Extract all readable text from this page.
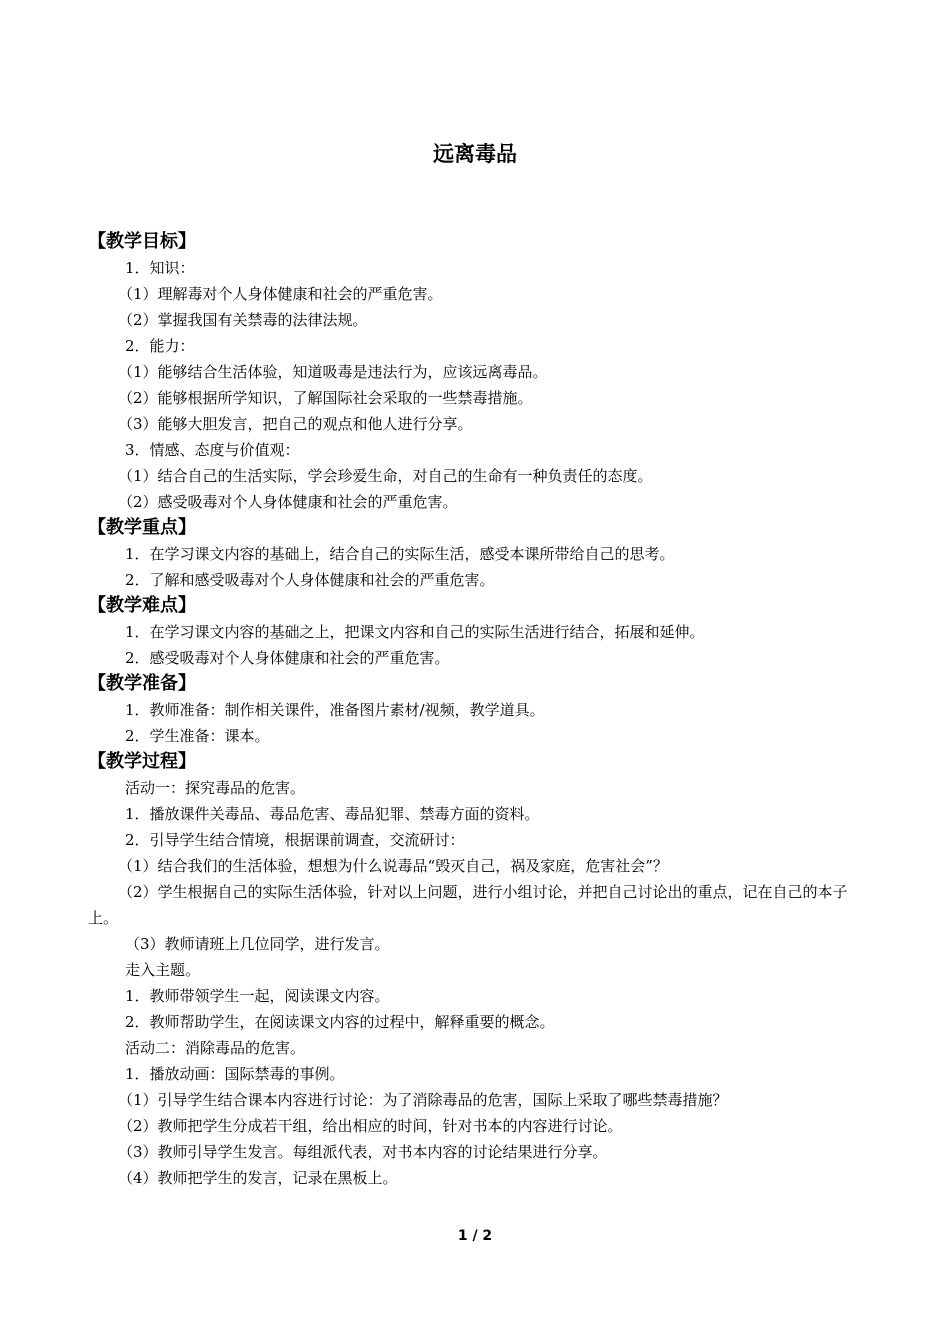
远离毒品
【教学目标】
1．知识：
（1）理解毒对个人身体健康和社会的严重危害。
（2）掌握我国有关禁毒的法律法规。
2．能力：
（1）能够结合生活体验，知道吸毒是违法行为，应该远离毒品。
（2）能够根据所学知识，了解国际社会采取的一些禁毒措施。
（3）能够大胆发言，把自己的观点和他人进行分享。
3．情感、态度与价值观：
（1）结合自己的生活实际，学会珍爱生命，对自己的生命有一种负责任的态度。
（2）感受吸毒对个人身体健康和社会的严重危害。
【教学重点】
1．在学习课文内容的基础上，结合自己的实际生活，感受本课所带给自己的思考。
2．了解和感受吸毒对个人身体健康和社会的严重危害。
【教学难点】
1．在学习课文内容的基础之上，把课文内容和自己的实际生活进行结合，拓展和延伸。
2．感受吸毒对个人身体健康和社会的严重危害。
【教学准备】
1．教师准备：制作相关课件，准备图片素材/视频，教学道具。
2．学生准备：课本。
【教学过程】
活动一：探究毒品的危害。
1．播放课件关毒品、毒品危害、毒品犯罪、禁毒方面的资料。
2．引导学生结合情境，根据课前调查，交流研讨：
（1）结合我们的生活体验，想想为什么说毒品“毁灭自己，祸及家庭，危害社会”？
（2）学生根据自己的实际生活体验，针对以上问题，进行小组讨论，并把自己讨论出的重点，记在自己的本子上。
（3）教师请班上几位同学，进行发言。
走入主题。
1．教师带领学生一起，阅读课文内容。
2．教师帮助学生，在阅读课文内容的过程中，解释重要的概念。
活动二：消除毒品的危害。
1．播放动画：国际禁毒的事例。
（1）引导学生结合课本内容进行讨论：为了消除毒品的危害，国际上采取了哪些禁毒措施？
（2）教师把学生分成若干组，给出相应的时间，针对书本的内容进行讨论。
（3）教师引导学生发言。每组派代表，对书本内容的讨论结果进行分享。
（4）教师把学生的发言，记录在黑板上。
1 / 2
